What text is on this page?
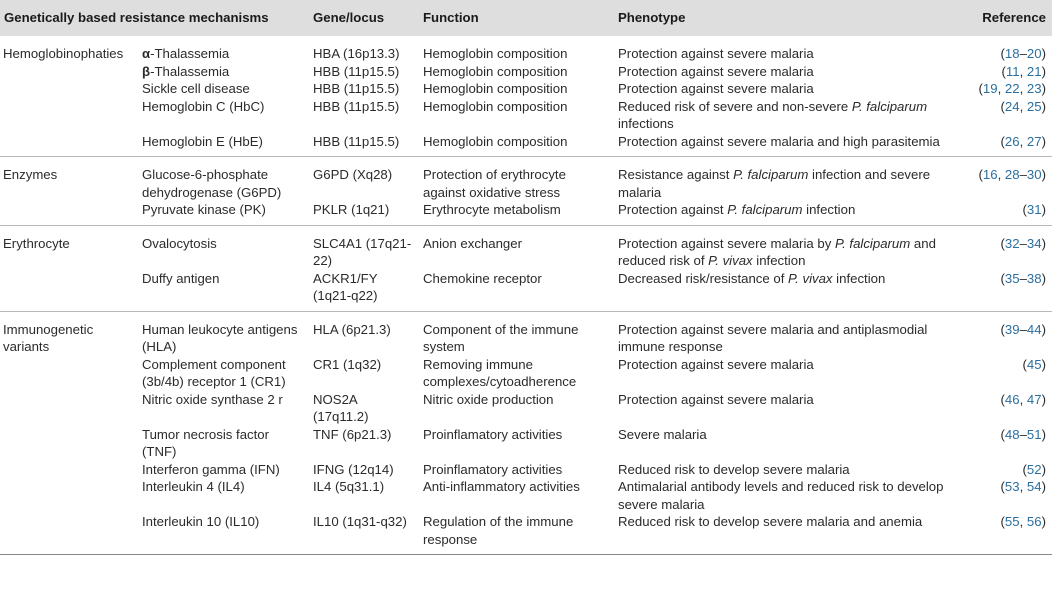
Genetically based resistance mechanisms		Gene/locus	Function	Phenotype	Reference
Hemoglobinophaties	α-Thalassemia	HBA (16p13.3)	Hemoglobin composition	Protection against severe malaria	(18–20)
	β-Thalassemia	HBB (11p15.5)	Hemoglobin composition	Protection against severe malaria	(11, 21)
	Sickle cell disease	HBB (11p15.5)	Hemoglobin composition	Protection against severe malaria	(19, 22, 23)
	Hemoglobin C (HbC)	HBB (11p15.5)	Hemoglobin composition	Reduced risk of severe and non-severe P. falciparum infections	(24, 25)
	Hemoglobin E (HbE)	HBB (11p15.5)	Hemoglobin composition	Protection against severe malaria and high parasitemia	(26, 27)
Enzymes	Glucose-6-phosphate dehydrogenase (G6PD)	G6PD (Xq28)	Protection of erythrocyte against oxidative stress	Resistance against P. falciparum infection and severe malaria	(16, 28–30)
	Pyruvate kinase (PK)	PKLR (1q21)	Erythrocyte metabolism	Protection against P. falciparum infection	(31)
Erythrocyte	Ovalocytosis	SLC4A1 (17q21-22)	Anion exchanger	Protection against severe malaria by P. falciparum and reduced risk of P. vivax infection	(32–34)
	Duffy antigen	ACKR1/FY (1q21-q22)	Chemokine receptor	Decreased risk/resistance of P. vivax infection	(35–38)
Immunogenetic variants	Human leukocyte antigens (HLA)	HLA (6p21.3)	Component of the immune system	Protection against severe malaria and antiplasmodial immune response	(39–44)
	Complement component (3b/4b) receptor 1 (CR1)	CR1 (1q32)	Removing immune complexes/cytoadherence	Protection against severe malaria	(45)
	Nitric oxide synthase 2 r	NOS2A (17q11.2)	Nitric oxide production	Protection against severe malaria	(46, 47)
	Tumor necrosis factor (TNF)	TNF (6p21.3)	Proinflamatory activities	Severe malaria	(48–51)
	Interferon gamma (IFN)	IFNG (12q14)	Proinflamatory activities	Reduced risk to develop severe malaria	(52)
	Interleukin 4 (IL4)	IL4 (5q31.1)	Anti-inflammatory activities	Antimalarial antibody levels and reduced risk to develop severe malaria	(53, 54)
	Interleukin 10 (IL10)	IL10 (1q31-q32)	Regulation of the immune response	Reduced risk to develop severe malaria and anemia	(55, 56)
